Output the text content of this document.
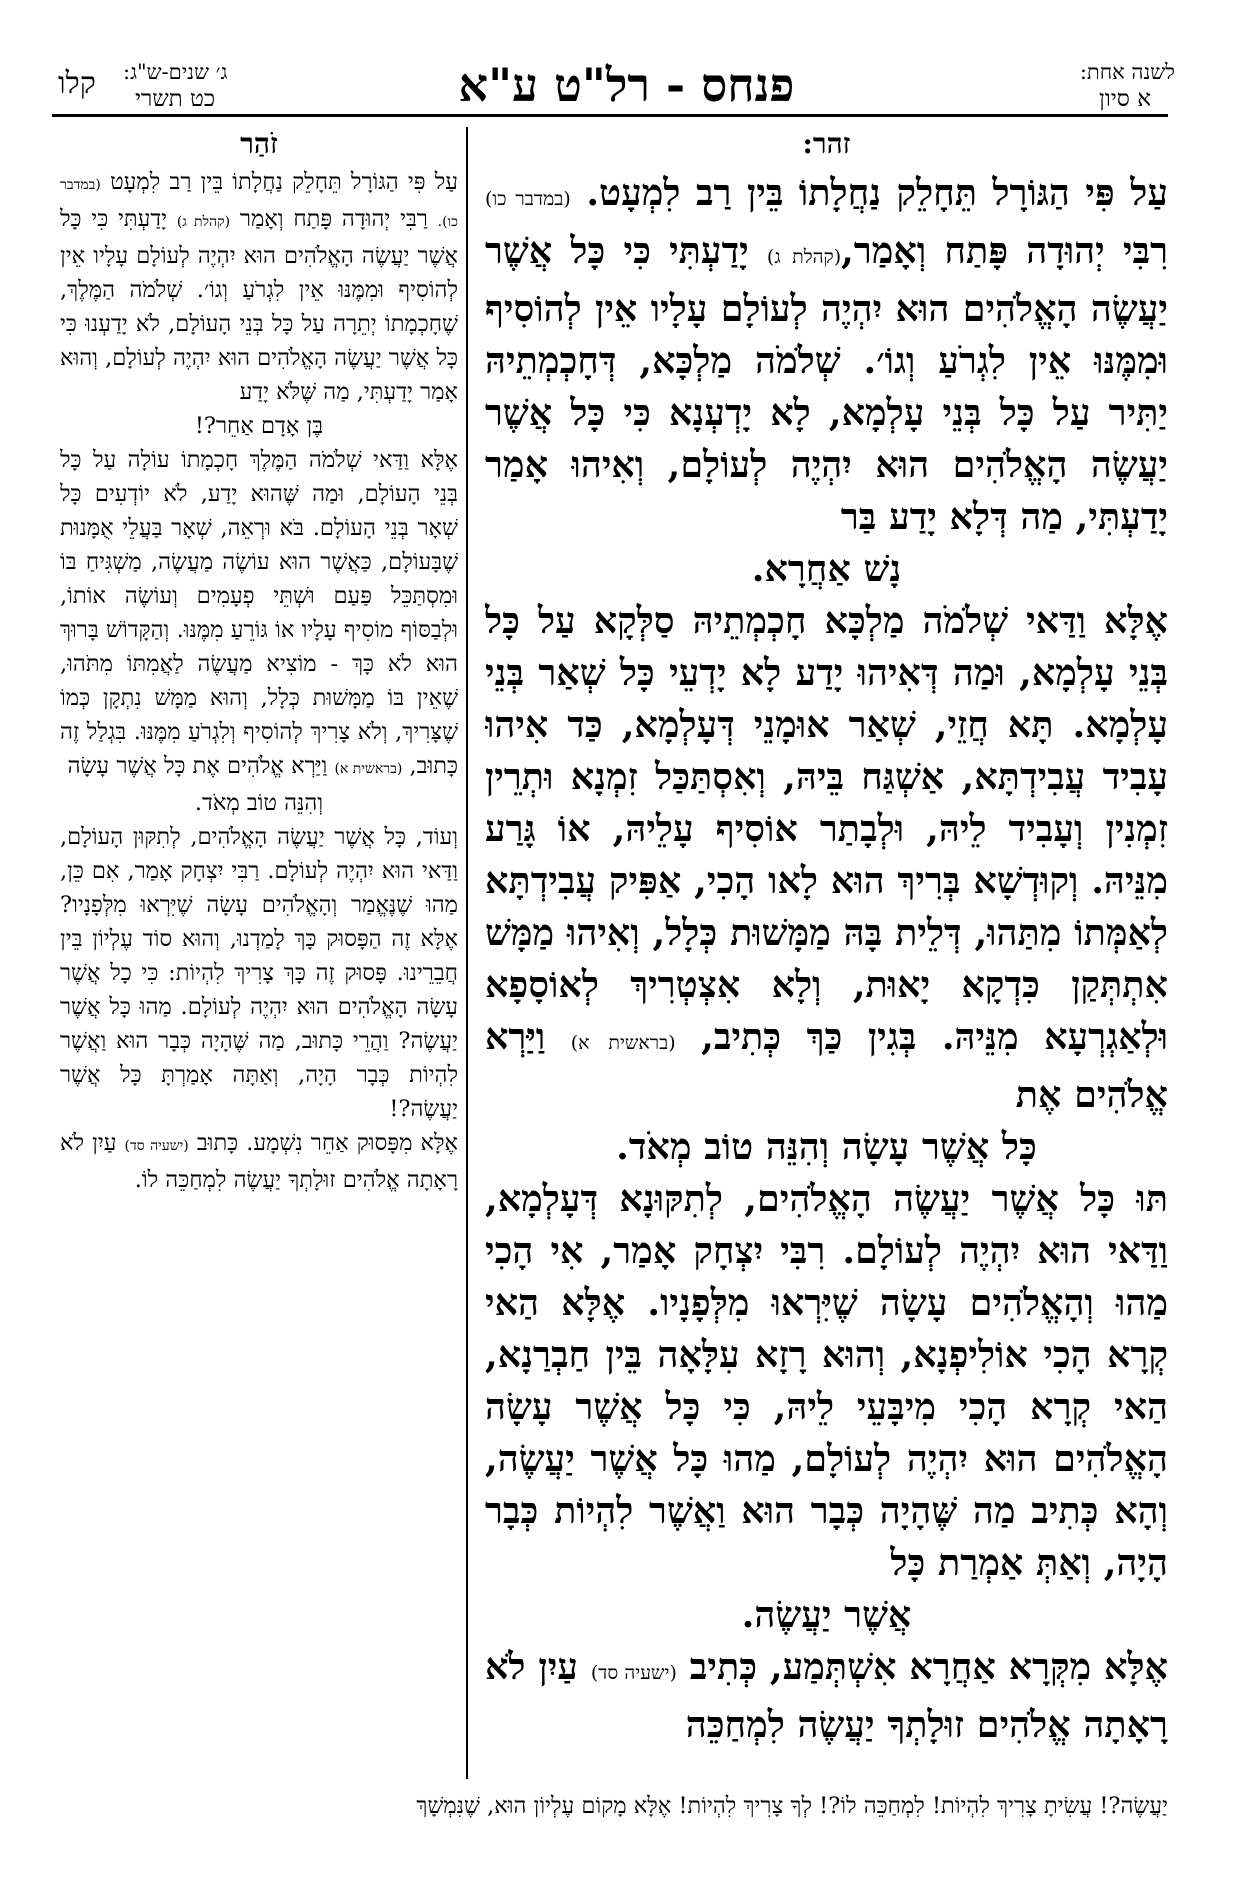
לשנה אחת:
א סיון
פנחס - רל"ט ע"א
ג׳ שנים-ש"ג:
כט תשרי
קלו
זהר:

עַל פִּי הַגּוֹרָל תֵּחָלֵק נַחֲלָתוֹ בֵּין רַב לִמְעָט. (במדבר כו) רִבִּי יְהוּדָה פָּתַח וְאָמַר,(קהלת ג) יָדַעְתִּי כִּי כָּל אֲשֶׁר יַעֲשֶׂה הָאֱלֹהִים הוּא יִהְיֶה לְעוֹלָם עָלָיו אֵין לְהוֹסִיף וּמִמֶּנּוּ אֵין לִגְרֹעַ וְגוֹ׳. שְׁלֹמֹה מַלְכָּא, דְּחָכְמְתֵיהּ יַתִּיר עַל כָּל בְּנֵי עָלְמָא, לָא יָדְעְנָא כִּי כָּל אֲשֶׁר יַעֲשֶׂה הָאֱלֹהִים הוּא יִהְיֶה לְעוֹלָם, וְאִיהוּ אָמַר יָדַעְתִּי, מַה דְּלָא יָדַע בַּר

נָשׁ אַחֲרָא.

אֶלָּא וַדַּאי שְׁלֹמֹה מַלְכָּא חָכְמְתֵיהּ סַלְּקָא עַל כָּל בְּנֵי עָלְמָא, וּמַה דְּאִיהוּ יָדַע לָא יָדְעֵי כָּל שְׁאַר בְּנֵי עָלְמָא. תָּא חֲזֵי, שְׁאַר אוּמָנֵי דְּעָלְמָא, כַּד אִיהוּ עָבִיד עֲבִידְתָּא, אַשְׁגַּח בֵּיהּ, וְאִסְתַּכַּל זִמְנָא וּתְרֵין זִמְנִין וְעָבִיד לֵיהּ, וּלְבָתַר אוֹסִיף עָלֵיהּ, אוֹ גָּרַע מִנֵּיהּ. וְקוּדְשָׁא בְּרִיךְ הוּא לָאו הָכִי, אַפִּיק עֲבִידְתָּא לְאַמְּתוֹ מִתַּהוּ, דְּלֵית בָּהּ מַמָּשׁוּת כְּלָל, וְאִיהוּ מַמָּשׁ אִתְתְּקַן כִּדְקָא יָאוּת, וְלָא אִצְטְרִיךְ לְאוֹסָפָא וּלְאַגְרְעָא מִנֵּיהּ. בְּגִין כַּךְ כְּתִיב, (בראשית א) וַיַּרְא אֱלֹהִים אֶת

כָּל אֲשֶׁר עָשָׂה וְהִנֵּה טוֹב מְאֹד.

תּוּ כָּל אֲשֶׁר יַעֲשֶׂה הָאֱלֹהִים, לְתִקּוּנָא דְּעָלְמָא, וַדַּאי הוּא יִהְיֶה לְעוֹלָם. רִבִּי יִצְחָק אָמַר, אִי הָכִי מַהוּ וְהָאֱלֹהִים עָשָׂה שֶׁיִּרְאוּ מִלְּפָנָיו. אֶלָּא הַאי קְרָא הָכִי אוֹלִיפְנָא, וְהוּא רָזָא עִלָּאָה בֵּין חַבְרַנָא, הַאי קְרָא הָכִי מִיבָּעֵי לֵיהּ, כִּי כָּל אֲשֶׁר עָשָׂה הָאֱלֹהִים הוּא יִהְיֶה לְעוֹלָם, מַהוּ כָּל אֲשֶׁר יַעֲשֶׂה, וְהָא כְּתִיב מַה שֶּׁהָיָה כְּבָר הוּא וַאֲשֶׁר לִהְיוֹת כְּבָר הָיָה, וְאַתְּ אַמְרַת כָּל

אֲשֶׁר יַעֲשֶׂה.

אֶלָּא מִקְּרָא אַחֲרָא אִשְׁתְּמַע, כְּתִיב (ישעיה סד) עַיִן לֹא רָאָתָה אֱלֹהִים זוּלָתְךָ יַעֲשֶׂה לִמְחַכֵּה

זֹהַר

עַל פִּי הַגּוֹרָל תֵּחָלֵק נַחֲלָתוֹ בֵּין רַב לִמְעָט (במדבר כו). רַבִּי יְהוּדָה פָּתַח וְאָמַר (קהלת ג) יָדַעְתִּי כִּי כָּל אֲשֶׁר יַעֲשֶׂה הָאֱלֹהִים הוּא יִהְיֶה לְעוֹלָם עָלָיו אֵין לְהוֹסִיף וּמִמֶּנּוּ אֵין לִגְרֹעַ וְגוֹ׳. שְׁלֹמֹה הַמֶּלֶךְ, שֶׁחָכְמָתוֹ יְתֵרָה עַל כָּל בְּנֵי הָעוֹלָם, לֹא יָדַעְנוּ כִּי כָּל אֲשֶׁר יַעֲשֶׂה הָאֱלֹהִים הוּא יִהְיֶה לְעוֹלָם, וְהוּא אָמַר יָדַעְתִּי, מַה שֶּׁלֹּא יָדַע

בֶּן אָדָם אַחֵר?!

אֶלָּא וַדַּאי שְׁלֹמֹה הַמֶּלֶךְ חָכְמָתוֹ עוֹלָה עַל כָּל בְּנֵי הָעוֹלָם, וּמַה שֶּׁהוּא יָדַע, לֹא יוֹדְעִים כָּל שְׁאָר בְּנֵי הָעוֹלָם. בֹּא וּרְאֵה, שְׁאָר בַּעֲלֵי אֻמָּנוּת שֶׁבָּעוֹלָם, כַּאֲשֶׁר הוּא עוֹשֶׂה מַעֲשֶׂה, מַשְׁגִּיחַ בּוֹ וּמִסְתַּכֵּל פַּעַם וּשְׁתֵּי פְעָמִים וְעוֹשֶׂה אוֹתוֹ, וּלְבַסּוֹף מוֹסִיף עָלָיו אוֹ גּוֹרֵעַ מִמֶּנּוּ. וְהַקָּדוֹשׁ בָּרוּךְ הוּא לֹא כָּךְ - מוֹצִיא מַעֲשֶׂה לַאֲמִתּוֹ מִתֹּהוּ, שֶׁאֵין בּוֹ מַמָּשׁוּת כְּלָל, וְהוּא מַמָּשׁ נִתְקָן כְּמוֹ שֶׁצָּרִיךְ, וְלֹא צָרִיךְ לְהוֹסִיף וְלִגְרֹעַ מִמֶּנּוּ. בִּגְלַל זֶה כָּתוּב, (בראשית א) וַיַּרְא אֱלֹהִים אֶת כָּל אֲשֶׁר עָשָׂה

וְהִנֵּה טוֹב מְאֹד.

וְעוֹד, כָּל אֲשֶׁר יַעֲשֶׂה הָאֱלֹהִים, לְתִקּוּן הָעוֹלָם, וַדַּאי הוּא יִהְיֶה לְעוֹלָם. רַבִּי יִצְחָק אָמַר, אִם כֵּן, מַהוּ שֶׁנֶּאֱמַר וְהָאֱלֹהִים עָשָׂה שֶׁיִּרְאוּ מִלְּפָנָיו? אֶלָּא זֶה הַפָּסוּק כָּךְ לָמַדְנוּ, וְהוּא סוֹד עֶלְיוֹן בֵּין חֲבֵרֵינוּ. פָּסוּק זֶה כָּךְ צָרִיךְ לִהְיוֹת: כִּי כָל אֲשֶׁר עָשָׂה הָאֱלֹהִים הוּא יִהְיֶה לְעוֹלָם. מַהוּ כָּל אֲשֶׁר יַעֲשֶׂה? וַהֲרֵי כָּתוּב, מַה שֶּׁהָיָה כְּבָר הוּא וַאֲשֶׁר לִהְיוֹת כְּבָר הָיָה, וְאַתָּה אָמַרְתָּ כָּל אֲשֶׁר יַעֲשֶׂה?!

אֶלָּא מִפָּסוּק אַחֵר נִשְׁמָע. כָּתוּב (ישעיה סד) עַיִן לֹא רָאָתָה אֱלֹהִים זוּלָתְךָ יַעֲשֶׂה לִמְחַכֵּה לוֹ.

יַעֲשֶׂה?! עֲשִׂיתָ צָרִיךְ לִהְיוֹת! לִמְחַכֵּה לוֹ?! לְךָ צָרִיךְ לִהְיוֹת! אֶלָּא מָקוֹם עֶלְיוֹן הוּא, שֶׁנִּמְשָׁךְ
